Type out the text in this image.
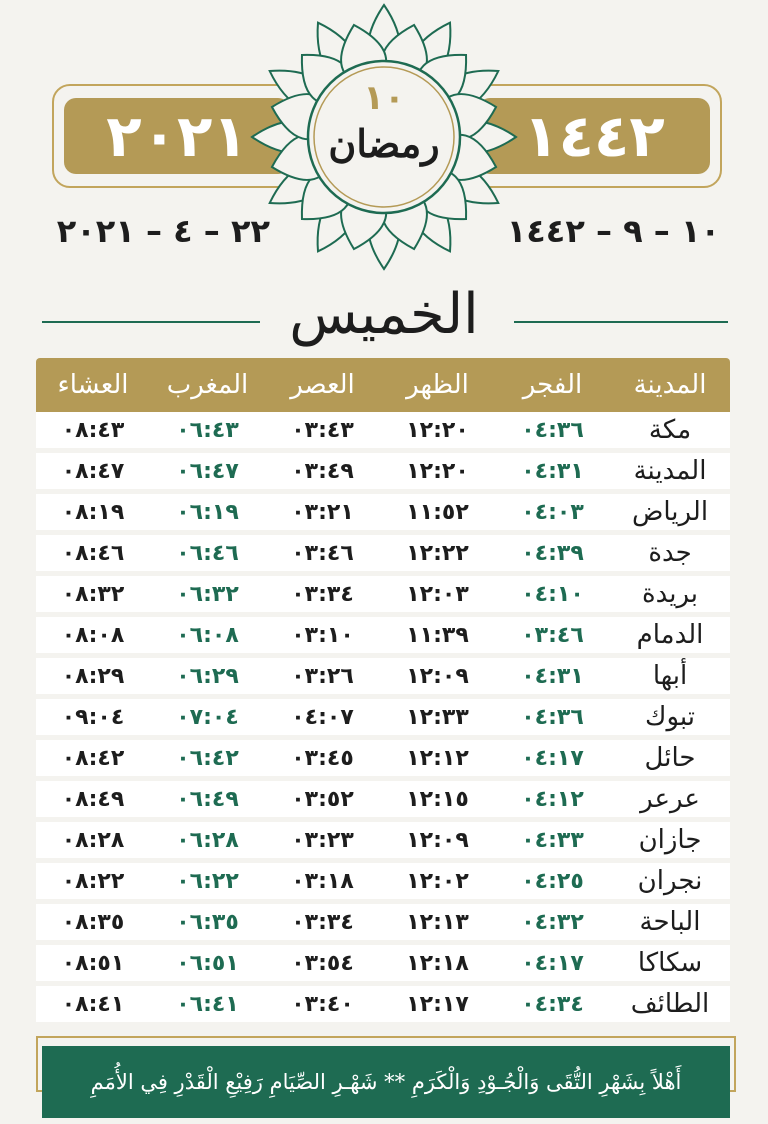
٢٠٢١	١٤٤٢
١٠
رمضان
٢٢ – ٤ – ٢٠٢١	١٠ – ٩ – ١٤٤٢
الخميس
المدينة
الفجر
الظهر
العصر
المغرب
العشاء
مكة
٠٤:٣٦
١٢:٢٠
٠٣:٤٣
٠٦:٤٣
٠٨:٤٣
المدينة
٠٤:٣١
١٢:٢٠
٠٣:٤٩
٠٦:٤٧
٠٨:٤٧
الرياض
٠٤:٠٣
١١:٥٢
٠٣:٢١
٠٦:١٩
٠٨:١٩
جدة
٠٤:٣٩
١٢:٢٢
٠٣:٤٦
٠٦:٤٦
٠٨:٤٦
بريدة
٠٤:١٠
١٢:٠٣
٠٣:٣٤
٠٦:٣٢
٠٨:٣٢
الدمام
٠٣:٤٦
١١:٣٩
٠٣:١٠
٠٦:٠٨
٠٨:٠٨
أبها
٠٤:٣١
١٢:٠٩
٠٣:٢٦
٠٦:٢٩
٠٨:٢٩
تبوك
٠٤:٣٦
١٢:٣٣
٠٤:٠٧
٠٧:٠٤
٠٩:٠٤
حائل
٠٤:١٧
١٢:١٢
٠٣:٤٥
٠٦:٤٢
٠٨:٤٢
عرعر
٠٤:١٢
١٢:١٥
٠٣:٥٢
٠٦:٤٩
٠٨:٤٩
جازان
٠٤:٣٣
١٢:٠٩
٠٣:٢٣
٠٦:٢٨
٠٨:٢٨
نجران
٠٤:٢٥
١٢:٠٢
٠٣:١٨
٠٦:٢٢
٠٨:٢٢
الباحة
٠٤:٣٢
١٢:١٣
٠٣:٣٤
٠٦:٣٥
٠٨:٣٥
سكاكا
٠٤:١٧
١٢:١٨
٠٣:٥٤
٠٦:٥١
٠٨:٥١
الطائف
٠٤:٣٤
١٢:١٧
٠٣:٤٠
٠٦:٤١
٠٨:٤١
أَهْلاً بِشَهْرِ التُّقَى وَالْجُـوْدِ وَالْكَرَمِ ** شَهْـرِ الصِّيَامِ رَفِيْعِ الْقَدْرِ فِي الأُمَمِ
